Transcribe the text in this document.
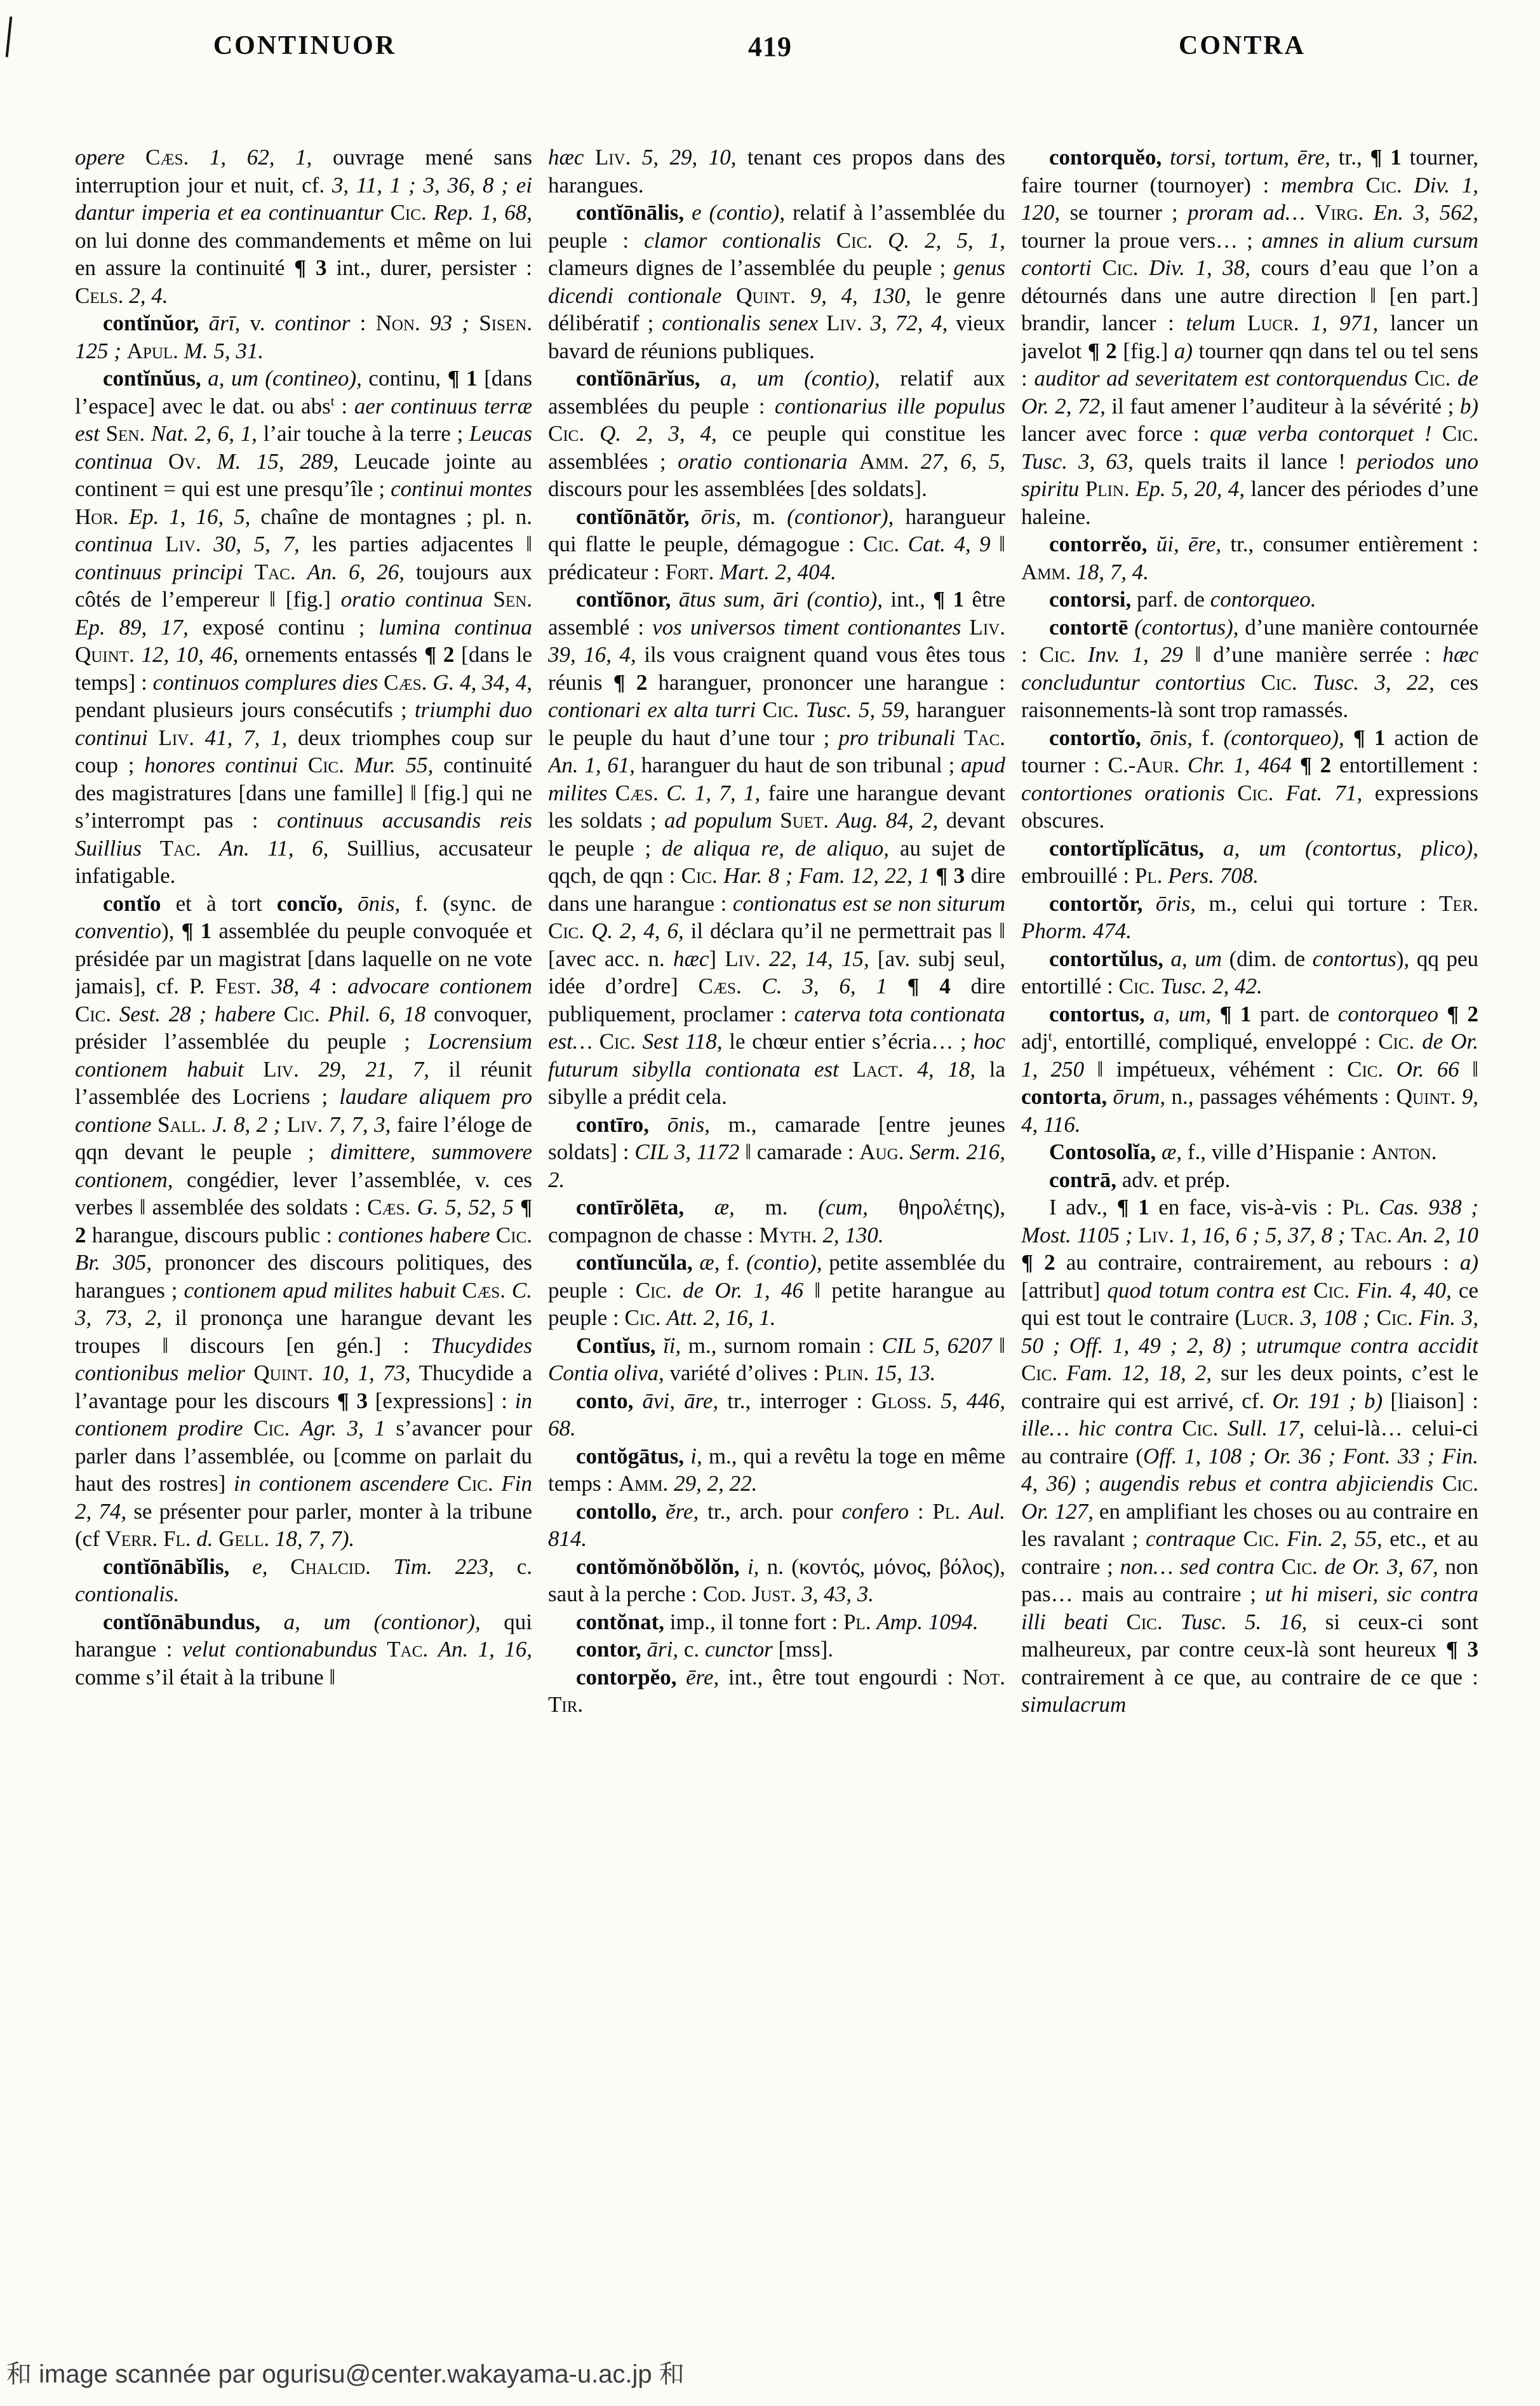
CONTINUOR	419	CONTRA

opere Cæs. 1, 62, 1, ouvrage mené sans interruption jour et nuit, cf. 3, 11, 1 ; 3, 36, 8 ; ei dantur imperia et ea continuantur Cic. Rep. 1, 68, on lui donne des commandements et même on lui en assure la continuité ¶ 3 int., durer, persister : Cels. 2, 4.

contĭnŭor, ārī, v. continor : Non. 93 ; Sisen. 125 ; Apul. M. 5, 31.

contĭnŭus, a, um (contineo), continu, ¶ 1 [dans l’espace] avec le dat. ou abs$^t$ : aer continuus terræ est Sen. Nat. 2, 6, 1, l’air touche à la terre ; Leucas continua Ov. M. 15, 289, Leucade jointe au continent = qui est une presqu’île ; continui montes Hor. Ep. 1, 16, 5, chaîne de montagnes ; pl. n. continua Liv. 30, 5, 7, les parties adjacentes ‖ continuus principi Tac. An. 6, 26, toujours aux côtés de l’empereur ‖ [fig.] oratio continua Sen. Ep. 89, 17, exposé continu ; lumina continua Quint. 12, 10, 46, ornements entassés ¶ 2 [dans le temps] : continuos complures dies Cæs. G. 4, 34, 4, pendant plusieurs jours consécutifs ; triumphi duo continui Liv. 41, 7, 1, deux triomphes coup sur coup ; honores continui Cic. Mur. 55, continuité des magistratures [dans une famille] ‖ [fig.] qui ne s’interrompt pas : continuus accusandis reis Suillius Tac. An. 11, 6, Suillius, accusateur infatigable.

contĭo et à tort concĭo, ōnis, f. (sync. de conventio), ¶ 1 assemblée du peuple convoquée et présidée par un magistrat [dans laquelle on ne vote jamais], cf. P. Fest. 38, 4 : advocare contionem Cic. Sest. 28 ; habere Cic. Phil. 6, 18 convoquer, présider l’assemblée du peuple ; Locrensium contionem habuit Liv. 29, 21, 7, il réunit l’assemblée des Locriens ; laudare aliquem pro contione Sall. J. 8, 2 ; Liv. 7, 7, 3, faire l’éloge de qqn devant le peuple ; dimittere, summovere contionem, congédier, lever l’assemblée, v. ces verbes ‖ assemblée des soldats : Cæs. G. 5, 52, 5 ¶ 2 harangue, discours public : contiones habere Cic. Br. 305, prononcer des discours politiques, des harangues ; contionem apud milites habuit Cæs. C. 3, 73, 2, il prononça une harangue devant les troupes ‖ discours [en gén.] : Thucydides contionibus melior Quint. 10, 1, 73, Thucydide a l’avantage pour les discours ¶ 3 [expressions] : in contionem prodire Cic. Agr. 3, 1 s’avancer pour parler dans l’assemblée, ou [comme on parlait du haut des rostres] in contionem ascendere Cic. Fin 2, 74, se présenter pour parler, monter à la tribune (cf Verr. Fl. d. Gell. 18, 7, 7).

contĭōnābĭlis, e, Chalcid. Tim. 223, c. contionalis.

contĭōnābundus, a, um (contionor), qui harangue : velut contionabundus Tac. An. 1, 16, comme s’il était à la tribune ‖

hæc Liv. 5, 29, 10, tenant ces propos dans des harangues.

contĭōnālis, e (contio), relatif à l’assemblée du peuple : clamor contionalis Cic. Q. 2, 5, 1, clameurs dignes de l’assemblée du peuple ; genus dicendi contionale Quint. 9, 4, 130, le genre délibératif ; contionalis senex Liv. 3, 72, 4, vieux bavard de réunions publiques.

contĭōnārĭus, a, um (contio), relatif aux assemblées du peuple : contionarius ille populus Cic. Q. 2, 3, 4, ce peuple qui constitue les assemblées ; oratio contionaria Amm. 27, 6, 5, discours pour les assemblées [des soldats].

contĭōnātŏr, ōris, m. (contionor), harangueur qui flatte le peuple, démagogue : Cic. Cat. 4, 9 ‖ prédicateur : Fort. Mart. 2, 404.

contĭōnor, ātus sum, āri (contio), int., ¶ 1 être assemblé : vos universos timent contionantes Liv. 39, 16, 4, ils vous craignent quand vous êtes tous réunis ¶ 2 haranguer, prononcer une harangue : contionari ex alta turri Cic. Tusc. 5, 59, haranguer le peuple du haut d’une tour ; pro tribunali Tac. An. 1, 61, haranguer du haut de son tribunal ; apud milites Cæs. C. 1, 7, 1, faire une harangue devant les soldats ; ad populum Suet. Aug. 84, 2, devant le peuple ; de aliqua re, de aliquo, au sujet de qqch, de qqn : Cic. Har. 8 ; Fam. 12, 22, 1 ¶ 3 dire dans une harangue : contionatus est se non siturum Cic. Q. 2, 4, 6, il déclara qu’il ne permettrait pas ‖ [avec acc. n. hæc] Liv. 22, 14, 15, [av. subj seul, idée d’ordre] Cæs. C. 3, 6, 1 ¶ 4 dire publiquement, proclamer : caterva tota contionata est… Cic. Sest 118, le chœur entier s’écria… ; hoc futurum sibylla contionata est Lact. 4, 18, la sibylle a prédit cela.

contīro, ōnis, m., camarade [entre jeunes soldats] : CIL 3, 1172 ‖ camarade : Aug. Serm. 216, 2.

contīrŏlēta, æ, m. (cum, θηρολέτης), compagnon de chasse : Myth. 2, 130.

contĭuncŭla, æ, f. (contio), petite assemblée du peuple : Cic. de Or. 1, 46 ‖ petite harangue au peuple : Cic. Att. 2, 16, 1.

Contĭus, ĭi, m., surnom romain : CIL 5, 6207 ‖ Contia oliva, variété d’olives : Plin. 15, 13.

conto, āvi, āre, tr., interroger : Gloss. 5, 446, 68.

contŏgātus, i, m., qui a revêtu la toge en même temps : Amm. 29, 2, 22.

contollo, ĕre, tr., arch. pour confero : Pl. Aul. 814.

contŏmŏnŏbŏlŏn, i, n. (κοντός, μόνος, βόλος), saut à la perche : Cod. Just. 3, 43, 3.

contŏnat, imp., il tonne fort : Pl. Amp. 1094.

contor, āri, c. cunctor [mss].

contorpĕo, ēre, int., être tout engourdi : Not. Tir.

contorquĕo, torsi, tortum, ēre, tr., ¶ 1 tourner, faire tourner (tournoyer) : membra Cic. Div. 1, 120, se tourner ; proram ad… Virg. En. 3, 562, tourner la proue vers… ; amnes in alium cursum contorti Cic. Div. 1, 38, cours d’eau que l’on a détournés dans une autre direction ‖ [en part.] brandir, lancer : telum Lucr. 1, 971, lancer un javelot ¶ 2 [fig.] a) tourner qqn dans tel ou tel sens : auditor ad severitatem est contorquendus Cic. de Or. 2, 72, il faut amener l’auditeur à la sévérité ; b) lancer avec force : quæ verba contorquet ! Cic. Tusc. 3, 63, quels traits il lance ! periodos uno spiritu Plin. Ep. 5, 20, 4, lancer des périodes d’une haleine.

contorrĕo, ŭi, ēre, tr., consumer entièrement : Amm. 18, 7, 4.

contorsi, parf. de contorqueo.

contortē (contortus), d’une manière contournée : Cic. Inv. 1, 29 ‖ d’une manière serrée : hæc concluduntur contortius Cic. Tusc. 3, 22, ces raisonnements-là sont trop ramassés.

contortĭo, ōnis, f. (contorqueo), ¶ 1 action de tourner : C.-Aur. Chr. 1, 464 ¶ 2 entortillement : contortiones orationis Cic. Fat. 71, expressions obscures.

contortĭplĭcātus, a, um (contortus, plico), embrouillé : Pl. Pers. 708.

contortŏr, ōris, m., celui qui torture : Ter. Phorm. 474.

contortŭlus, a, um (dim. de contortus), qq peu entortillé : Cic. Tusc. 2, 42.

contortus, a, um, ¶ 1 part. de contorqueo ¶ 2 adj$^t$, entortillé, compliqué, enveloppé : Cic. de Or. 1, 250 ‖ impétueux, véhément : Cic. Or. 66 ‖ contorta, ōrum, n., passages véhéments : Quint. 9, 4, 116.

Contosolĭa, æ, f., ville d’Hispanie : Anton.

contrā, adv. et prép.

I adv., ¶ 1 en face, vis-à-vis : Pl. Cas. 938 ; Most. 1105 ; Liv. 1, 16, 6 ; 5, 37, 8 ; Tac. An. 2, 10 ¶ 2 au contraire, contrairement, au rebours : a) [attribut] quod totum contra est Cic. Fin. 4, 40, ce qui est tout le contraire (Lucr. 3, 108 ; Cic. Fin. 3, 50 ; Off. 1, 49 ; 2, 8) ; utrumque contra accidit Cic. Fam. 12, 18, 2, sur les deux points, c’est le contraire qui est arrivé, cf. Or. 191 ; b) [liaison] : ille… hic contra Cic. Sull. 17, celui-là… celui-ci au contraire (Off. 1, 108 ; Or. 36 ; Font. 33 ; Fin. 4, 36) ; augendis rebus et contra abjiciendis Cic. Or. 127, en amplifiant les choses ou au contraire en les ravalant ; contraque Cic. Fin. 2, 55, etc., et au contraire ; non… sed contra Cic. de Or. 3, 67, non pas… mais au contraire ; ut hi miseri, sic contra illi beati Cic. Tusc. 5. 16, si ceux-ci sont malheureux, par contre ceux-là sont heureux ¶ 3 contrairement à ce que, au contraire de ce que : simulacrum

和 image scannée par ogurisu@center.wakayama-u.ac.jp 和
